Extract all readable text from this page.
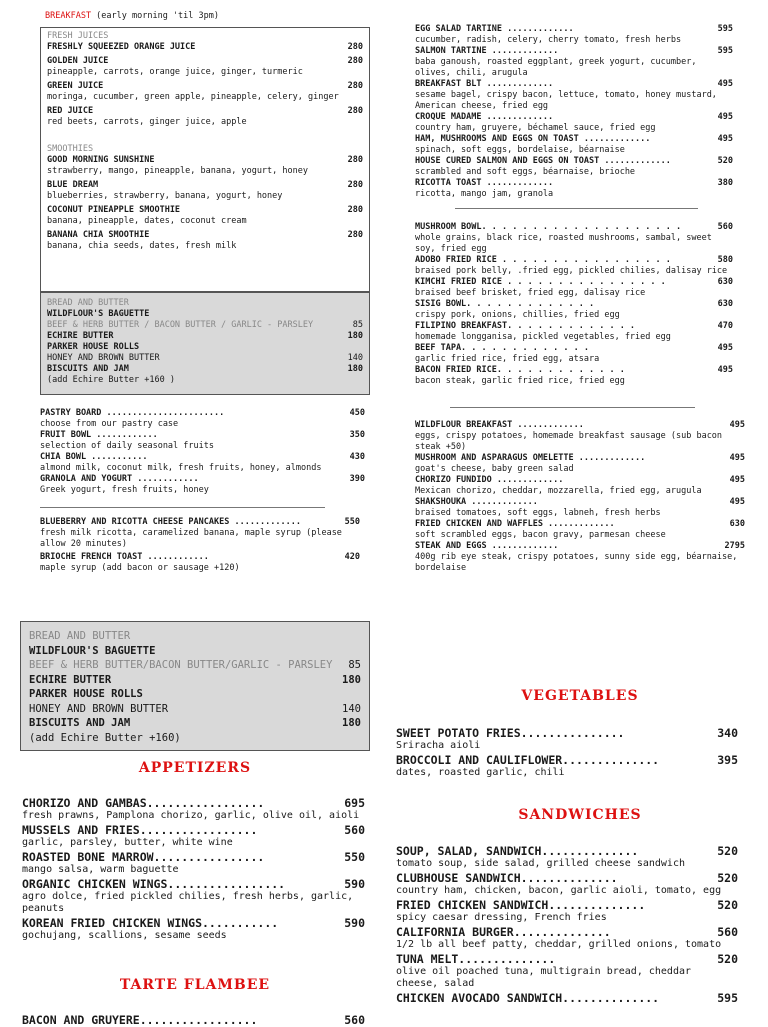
BREAKFAST (early morning 'til 3pm)
FRESH JUICES
FRESHLY SQUEEZED ORANGE JUICE	280
GOLDEN JUICE	280
pineapple, carrots, orange juice, ginger, turmeric
GREEN JUICE	280
moringa, cucumber, green apple, pineapple, celery, ginger
RED JUICE	280
red beets, carrots, ginger juice, apple
SMOOTHIES
GOOD MORNING SUNSHINE	280
strawberry, mango, pineapple, banana, yogurt, honey
BLUE DREAM	280
blueberries, strawberry, banana, yogurt, honey
COCONUT PINEAPPLE SMOOTHIE	280
banana, pineapple, dates, coconut cream
BANANA CHIA SMOOTHIE	280
banana, chia seeds, dates, fresh milk
BREAD AND BUTTER
WILDFLOUR'S BAGUETTE
BEEF & HERB BUTTER / BACON BUTTER / GARLIC - PARSLEY	85
ECHIRE BUTTER	180
PARKER HOUSE ROLLS
HONEY AND BROWN BUTTER	140
BISCUITS AND JAM	180
(add Echire Butter +160 )
PASTRY BOARD .......................	450
choose from our pastry case
FRUIT BOWL ............	350
selection of daily seasonal fruits
CHIA BOWL ...........	430
almond milk, coconut milk, fresh fruits, honey, almonds
GRANOLA AND YOGURT ............	390
Greek yogurt, fresh fruits, honey
BLUEBERRY AND RICOTTA CHEESE PANCAKES .............	550
fresh milk ricotta, caramelized banana, maple syrup (please allow 20 minutes)
BRIOCHE FRENCH TOAST ............	420
maple syrup (add bacon or sausage +120)
EGG SALAD TARTINE .............	595
cucumber, radish, celery, cherry tomato, fresh herbs
SALMON TARTINE .............	595
baba ganoush, roasted eggplant, greek yogurt, cucumber, olives, chili, arugula
BREAKFAST BLT .............	495
sesame bagel, crispy bacon, lettuce, tomato, honey mustard, American cheese, fried egg
CROQUE MADAME .............	495
country ham, gruyere, béchamel sauce, fried egg
HAM, MUSHROOMS AND EGGS ON TOAST .............	495
spinach, soft eggs, bordelaise, béarnaise
HOUSE CURED SALMON AND EGGS ON TOAST .............	520
scrambled and soft eggs, béarnaise, brioche
RICOTTA TOAST .............	380
ricotta, mango jam, granola
MUSHROOM BOWL. . . . . . . . . . . . . . . . . . . .	560
whole grains, black rice, roasted mushrooms, sambal, sweet soy, fried egg
ADOBO FRIED RICE . . . . . . . . . . . . . . . . .	580
braised pork belly, .fried egg, pickled chilies, dalisay rice
KIMCHI FRIED RICE . . . . . . . . . . . . . . . .	630
braised beef brisket, fried egg, dalisay rice
SISIG BOWL. . . . . . . . . . . . .	630
crispy pork, onions, chillies, fried egg
FILIPINO BREAKFAST. . . . . . . . . . . . .	470
homemade longganisa, pickled vegetables, fried egg
BEEF TAPA. . . . . . . . . . . . .	495
garlic fried rice, fried egg, atsara
BACON FRIED RICE. . . . . . . . . . . . .	495
bacon steak, garlic fried rice, fried egg
WILDFLOUR BREAKFAST .............	495
eggs, crispy potatoes, homemade breakfast sausage (sub bacon steak +50)
MUSHROOM AND ASPARAGUS OMELETTE .............	495
goat's cheese, baby green salad
CHORIZO FUNDIDO .............	495
Mexican chorizo, cheddar, mozzarella, fried egg, arugula
SHAKSHOUKA .............	495
braised tomatoes, soft eggs, labneh, fresh herbs
FRIED CHICKEN AND WAFFLES .............	630
soft scrambled eggs, bacon gravy, parmesan cheese
STEAK AND EGGS .............	2795
400g rib eye steak, crispy potatoes, sunny side egg, béarnaise, bordelaise
BREAD AND BUTTER
WILDFLOUR'S BAGUETTE
BEEF & HERB BUTTER/BACON BUTTER/GARLIC - PARSLEY 85
ECHIRE BUTTER	180
PARKER HOUSE ROLLS
HONEY AND BROWN BUTTER	140
BISCUITS AND JAM	180
(add Echire Butter +160)
APPETIZERS
CHORIZO AND GAMBAS.................	695
fresh prawns, Pamplona chorizo, garlic, olive oil, aioli
MUSSELS AND FRIES.................	560
garlic, parsley, butter, white wine
ROASTED BONE MARROW................	550
mango salsa, warm baguette
ORGANIC CHICKEN WINGS.................	590
agro dolce, fried pickled chilies, fresh herbs, garlic, peanuts
KOREAN FRIED CHICKEN WINGS...........	590
gochujang, scallions, sesame seeds
TARTE FLAMBEE
BACON AND GRUYERE.................	560
VEGETABLES
SWEET POTATO FRIES...............	340
Sriracha aioli
BROCCOLI AND CAULIFLOWER..............	395
dates, roasted garlic, chili
SANDWICHES
SOUP, SALAD, SANDWICH..............	520
tomato soup, side salad, grilled cheese sandwich
CLUBHOUSE SANDWICH..............	520
country ham, chicken, bacon, garlic aioli, tomato, egg
FRIED CHICKEN SANDWICH..............	520
spicy caesar dressing, French fries
CALIFORNIA BURGER..............	560
1/2 lb all beef patty, cheddar, grilled onions, tomato
TUNA MELT..............	520
olive oil poached tuna, multigrain bread, cheddar cheese, salad
CHICKEN AVOCADO SANDWICH..............	595
